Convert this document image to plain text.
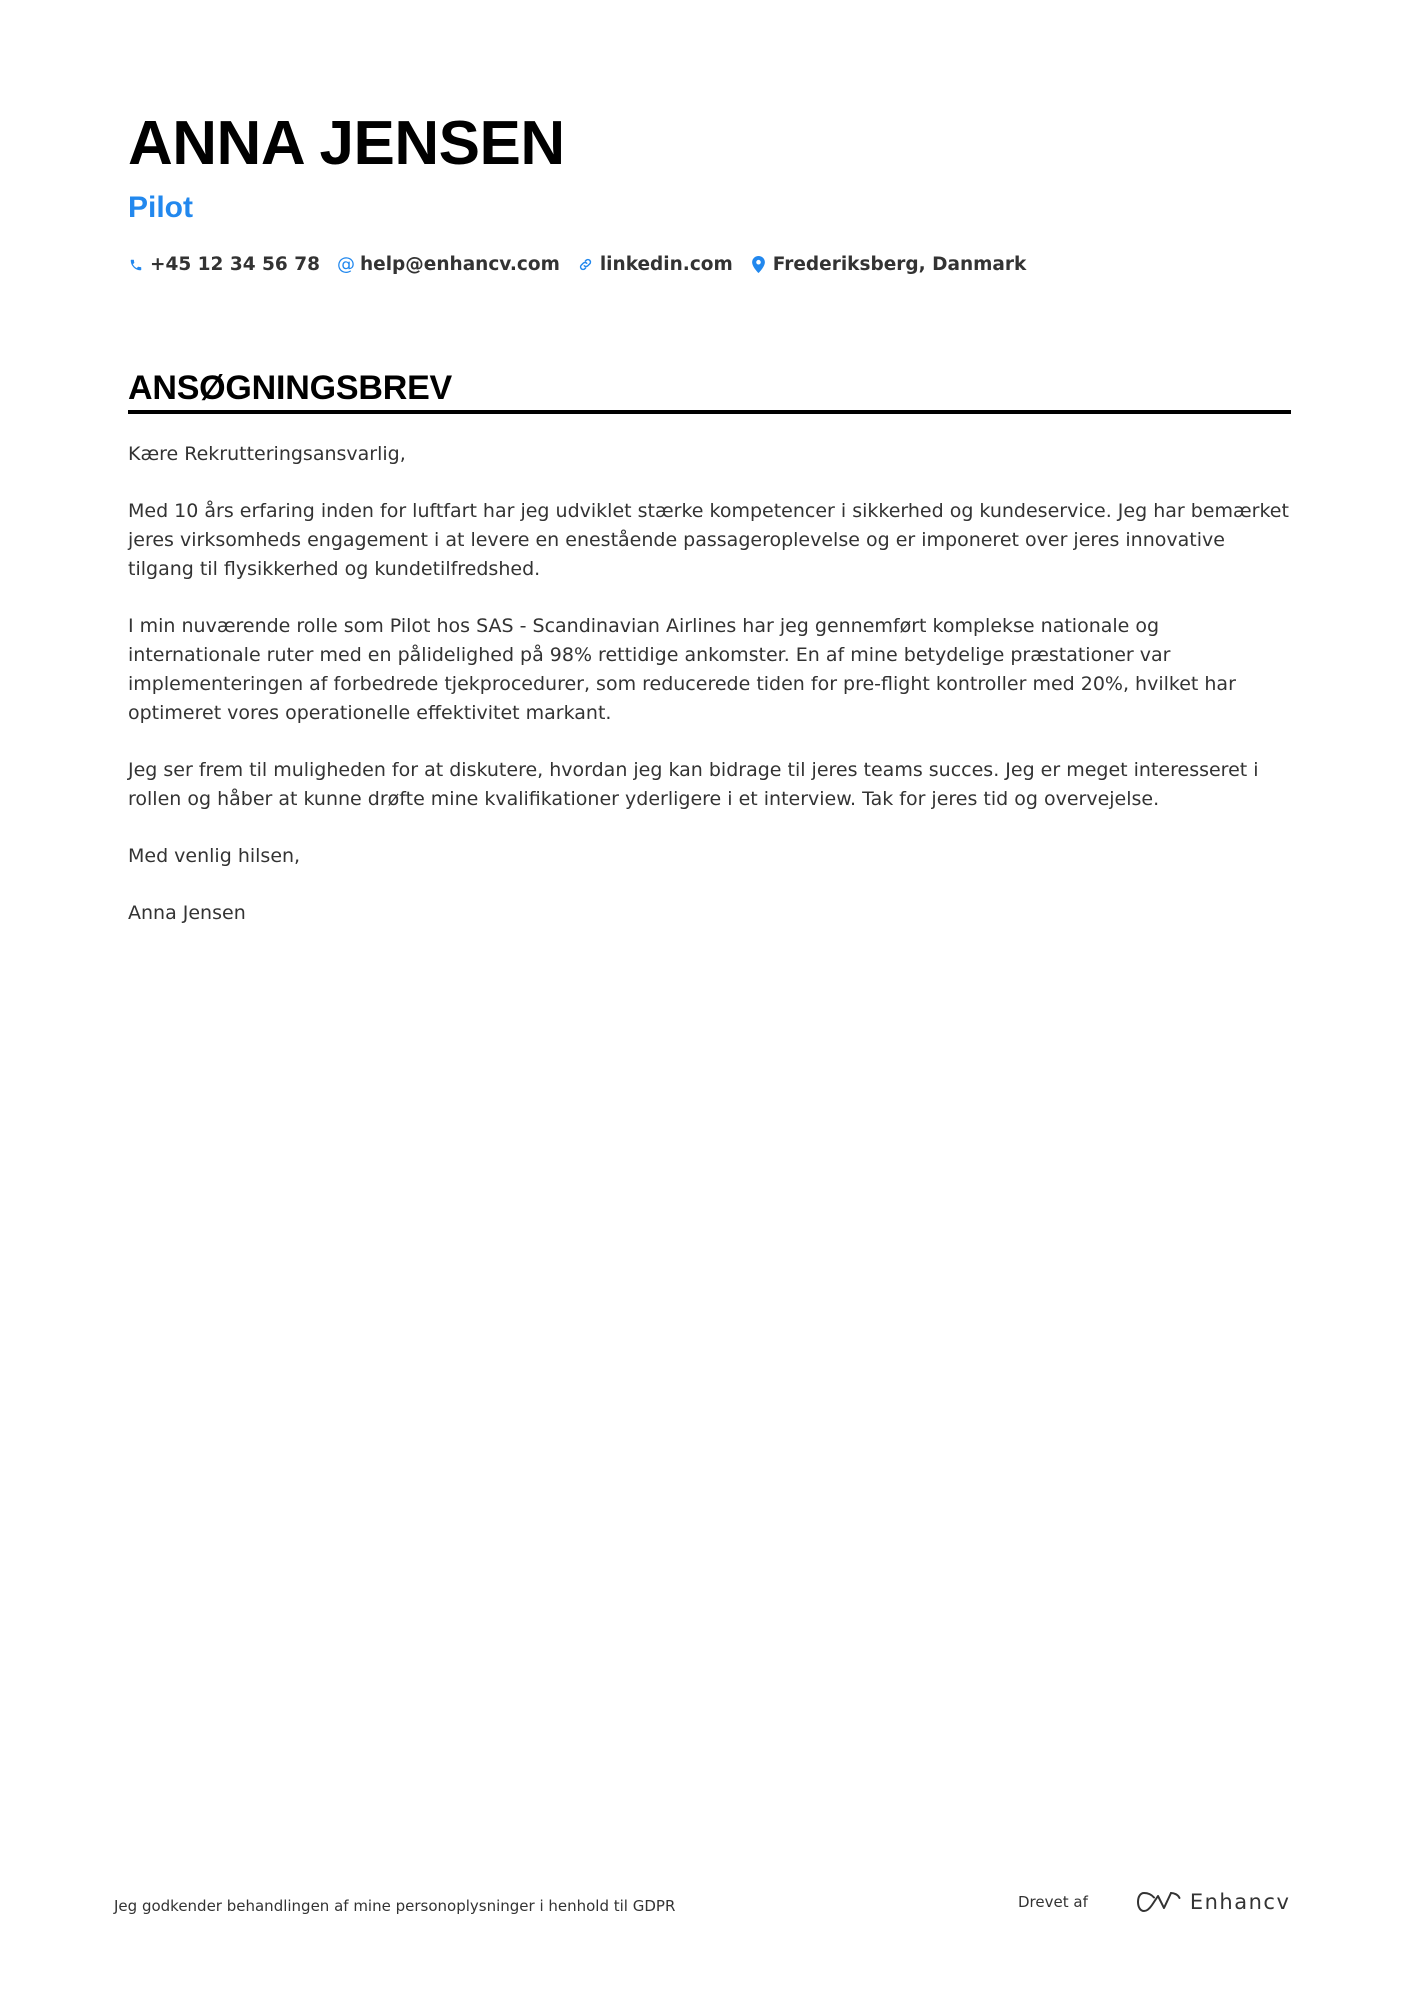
ANNA JENSEN
Pilot
+45 12 34 56 78 @ help@enhancv.com linkedin.com Frederiksberg, Danmark
ANSØGNINGSBREV

Kære Rekrutteringsansvarlig,

Med 10 års erfaring inden for luftfart har jeg udviklet stærke kompetencer i sikkerhed og kundeservice. Jeg har bemærket jeres virksomheds engagement i at levere en enestående passageroplevelse og er imponeret over jeres innovative tilgang til flysikkerhed og kundetilfredshed.

I min nuværende rolle som Pilot hos SAS - Scandinavian Airlines har jeg gennemført komplekse nationale og internationale ruter med en pålidelighed på 98% rettidige ankomster. En af mine betydelige præstationer var implementeringen af forbedrede tjekprocedurer, som reducerede tiden for pre-flight kontroller med 20%, hvilket har optimeret vores operationelle effektivitet markant.

Jeg ser frem til muligheden for at diskutere, hvordan jeg kan bidrage til jeres teams succes. Jeg er meget interesseret i rollen og håber at kunne drøfte mine kvalifikationer yderligere i et interview. Tak for jeres tid og overvejelse.

Med venlig hilsen,

Anna Jensen

Jeg godkender behandlingen af mine personoplysninger i henhold til GDPR	Drevet af	Enhancv
